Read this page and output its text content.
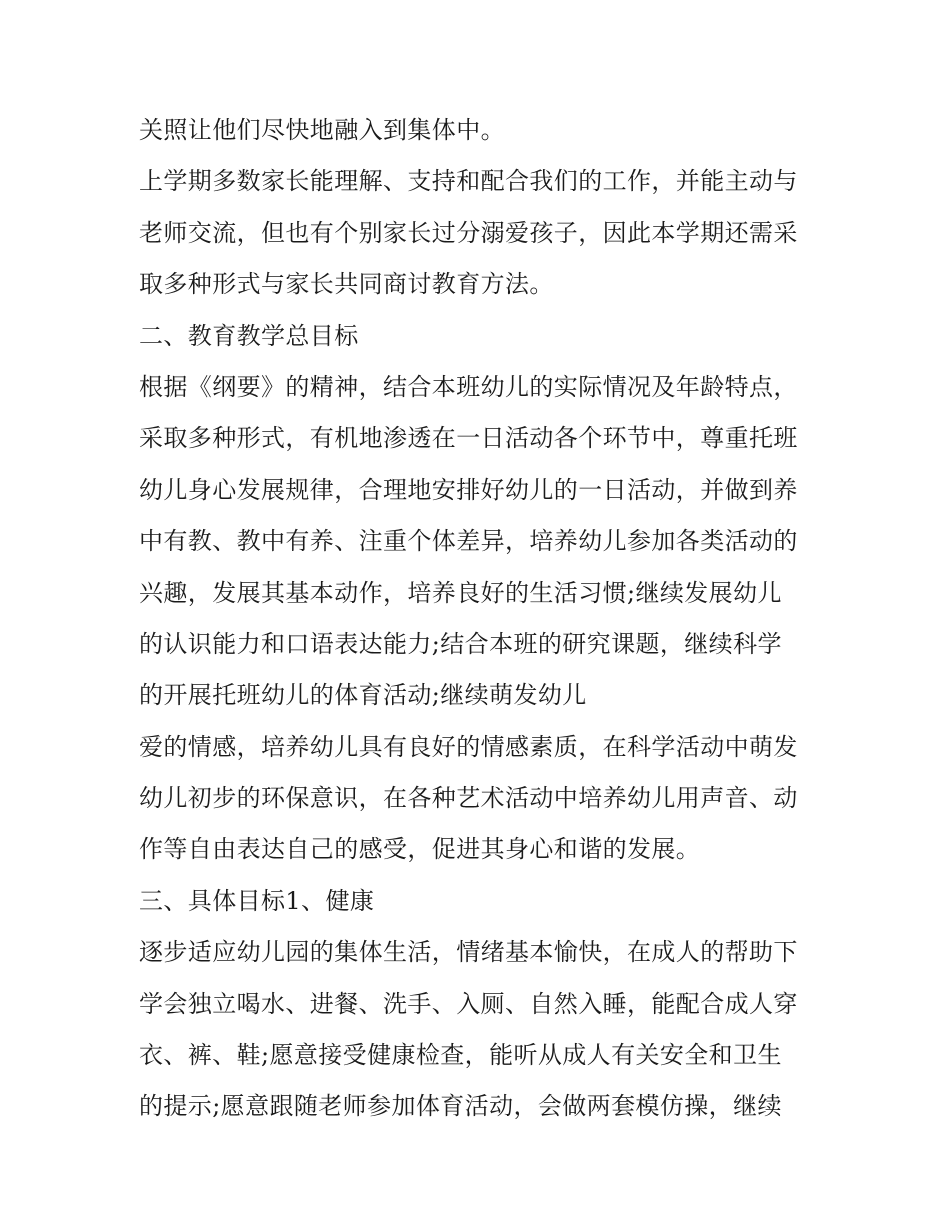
关照让他们尽快地融入到集体中。
上学期多数家长能理解、支持和配合我们的工作，并能主动与
老师交流，但也有个别家长过分溺爱孩子，因此本学期还需采
取多种形式与家长共同商讨教育方法。
二、教育教学总目标
根据《纲要》的精神，结合本班幼儿的实际情况及年龄特点，
采取多种形式，有机地渗透在一日活动各个环节中，尊重托班
幼儿身心发展规律，合理地安排好幼儿的一日活动，并做到养
中有教、教中有养、注重个体差异，培养幼儿参加各类活动的
兴趣，发展其基本动作，培养良好的生活习惯;继续发展幼儿
的认识能力和口语表达能力;结合本班的研究课题，继续科学
的开展托班幼儿的体育活动;继续萌发幼儿
爱的情感，培养幼儿具有良好的情感素质，在科学活动中萌发
幼儿初步的环保意识，在各种艺术活动中培养幼儿用声音、动
作等自由表达自己的感受，促进其身心和谐的发展。
三、具体目标1、健康
逐步适应幼儿园的集体生活，情绪基本愉快，在成人的帮助下
学会独立喝水、进餐、洗手、入厕、自然入睡，能配合成人穿
衣、裤、鞋;愿意接受健康检查，能听从成人有关安全和卫生
的提示;愿意跟随老师参加体育活动，会做两套模仿操，继续
